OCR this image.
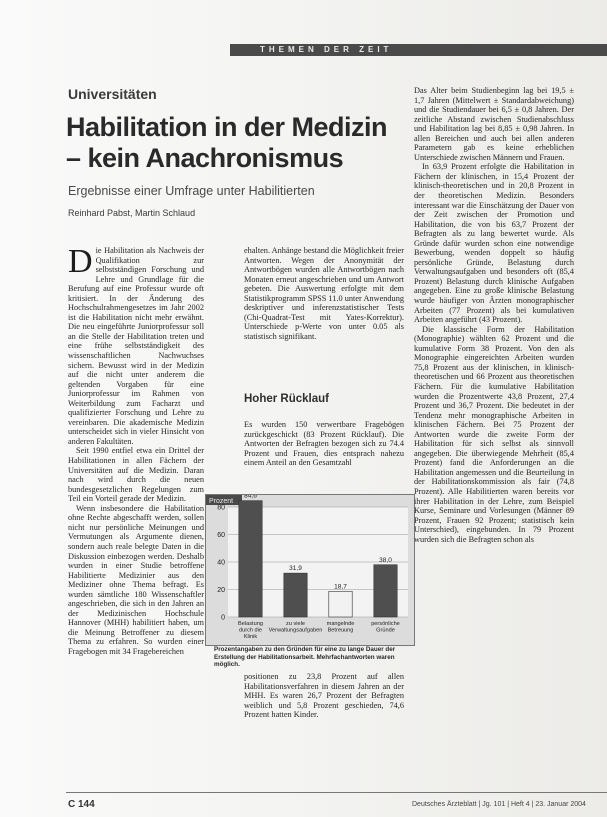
THEMEN DER ZEIT
Universitäten
Habilitation in der Medizin
– kein Anachronismus
Ergebnisse einer Umfrage unter Habilitierten
Reinhard Pabst, Martin Schlaud

Die Habilitation als Nachweis der Qualifikation zur selbstständigen Forschung und Lehre und Grundlage für die Berufung auf eine Professur wurde oft kritisiert. In der Änderung des Hochschulrahmengesetzes im Jahr 2002 ist die Habilitation nicht mehr erwähnt. Die neu eingeführte Juniorprofessur soll an die Stelle der Habilitation treten und eine frühe selbstständigkeit des wissenschaftlichen Nachwuchses sichern. Bewusst wird in der Medizin auf die nicht unter anderem die geltenden Vorgaben für eine Juniorprofessur im Rahmen von Weiterbildung zum Facharzt und qualifizierter Forschung und Lehre zu vereinbaren. Die akademische Medizin unterscheidet sich in vieler Hinsicht von anderen Fakultäten.

Seit 1990 entfiel etwa ein Drittel der Habilitationen in allen Fächern der Universitäten auf die Medizin. Daran nach wird durch die neuen bundesgesetzlichen Regelungen zum Teil ein Vorteil gerade der Medizin.

Wenn insbesondere die Habilitation ohne Rechte abgeschafft werden, sollen nicht nur persönliche Meinungen und Vermutungen als Argumente dienen, sondern auch reale belegte Daten in die Diskussion einbezogen werden. Deshalb wurden in einer Studie betroffene Habilitierte Medizinier aus den Mediziner ohne Thema befragt. Es wurden sämtliche 180 Wissenschaftler angeschrieben, die sich in den Jahren an der Medizinischen Hochschule Hannover (MHH) habilitiert haben, um die Meinung Betroffener zu diesem Thema zu erfahren. So wurden einer Fragebogen mit 34 Fragebereichen

ehalten. Anhänge bestand die Möglichkeit freier Antworten. Wegen der Anonymität der Antwortbögen wurden alle Antwortbögen nach Monaten erneut angeschrieben und um Antwort gebeten. Die Auswertung erfolgte mit dem Statistikprogramm SPSS 11.0 unter Anwendung deskriptiver und inferenzstatistischer Tests (Chi-Quadrat-Test mit Yates-Korrektur). Unterschiede p-Werte von unter 0.05 als statistisch signifikant.

Hoher Rücklauf

Es wurden 150 verwertbare Fragebögen zurückgeschickt (83 Prozent Rücklauf). Die Antworten der Befragten bezogen sich zu 74.4 Prozent und Frauen, dies entsprach nahezu einem Anteil an den Gesamtzahl

Prozent
0
20
40
60
80
84,6
31,9
18,7
38,0
Belastung durch die Klinik
zu viele Verwaltungsaufgaben
mangelnde Betreuung
persönliche Gründe
Prozentangaben zu den Gründen für eine zu lange Dauer der Erstellung der Habilitationsarbeit. Mehrfachantworten waren möglich.

positionen zu 23,8 Prozent auf allen Habilitationsverfahren in diesem Jahren an der MHH. Es waren 26,7 Prozent der Befragten weiblich und 5,8 Prozent geschieden, 74,6 Prozent hatten Kinder.

Das Alter beim Studienbeginn lag bei 19,5 ± 1,7 Jahren (Mittelwert ± Standardabweichung) und die Studiendauer bei 6,5 ± 0,8 Jahren. Der zeitliche Abstand zwischen Studienabschluss und Habilitation lag bei 8,85 ± 0,98 Jahren. In allen Bereichen und auch bei allen anderen Parametern gab es keine erheblichen Unterschiede zwischen Männern und Frauen.

In 63,9 Prozent erfolgte die Habilitation in Fächern der klinischen, in 15,4 Prozent der klinisch-theoretischen und in 20,8 Prozent in der theoretischen Medizin. Besonders interessant war die Einschätzung der Dauer von der Zeit zwischen der Promotion und Habilitation, die von bis 63,7 Prozent der Befragten als zu lang bewertet wurde. Als Gründe dafür wurden schon eine notwendige Bewerbung, wenden doppelt so häufig persönliche Gründe, Belastung durch Verwaltungsaufgaben und besonders oft (85,4 Prozent) Belastung durch klinische Aufgaben angegeben. Eine zu große klinische Belastung wurde häufiger von Ärzten monographischer Arbeiten (77 Prozent) als bei kumulativen Arbeiten angeführt (43 Prozent).

Die klassische Form der Habilitation (Monographie) wählten 62 Prozent und die kumulative Form 38 Prozent. Von den als Monographie eingereichten Arbeiten wurden 75,8 Prozent aus der klinischen, in klinisch-theoretischen und 66 Prozent aus theoretischen Fächern. Für die kumulative Habilitation wurden die Prozentwerte 43,8 Prozent, 27,4 Prozent und 36,7 Prozent. Die bedeutet in der Tendenz mehr monographische Arbeiten in klinischen Fächern. Bei 75 Prozent der Antworten wurde die zweite Form der Habilitation für sich selbst als sinnvoll angegeben. Die überwiegende Mehrheit (85,4 Prozent) fand die Anforderungen an die Habilitation angemessen und die Beurteilung in der Habilitationskommission als fair (74,8 Prozent). Alle Habilitierten waren bereits vor ihrer Habilitation in der Lehre, zum Beispiel Kurse, Seminare und Vorlesungen (Männer 89 Prozent, Frauen 92 Prozent; statistisch kein Unterschied), eingebunden. In 79 Prozent wurden sich die Befragten schon als

C 144	Deutsches Ärzteblatt | Jg. 101 | Heft 4 | 23. Januar 2004
